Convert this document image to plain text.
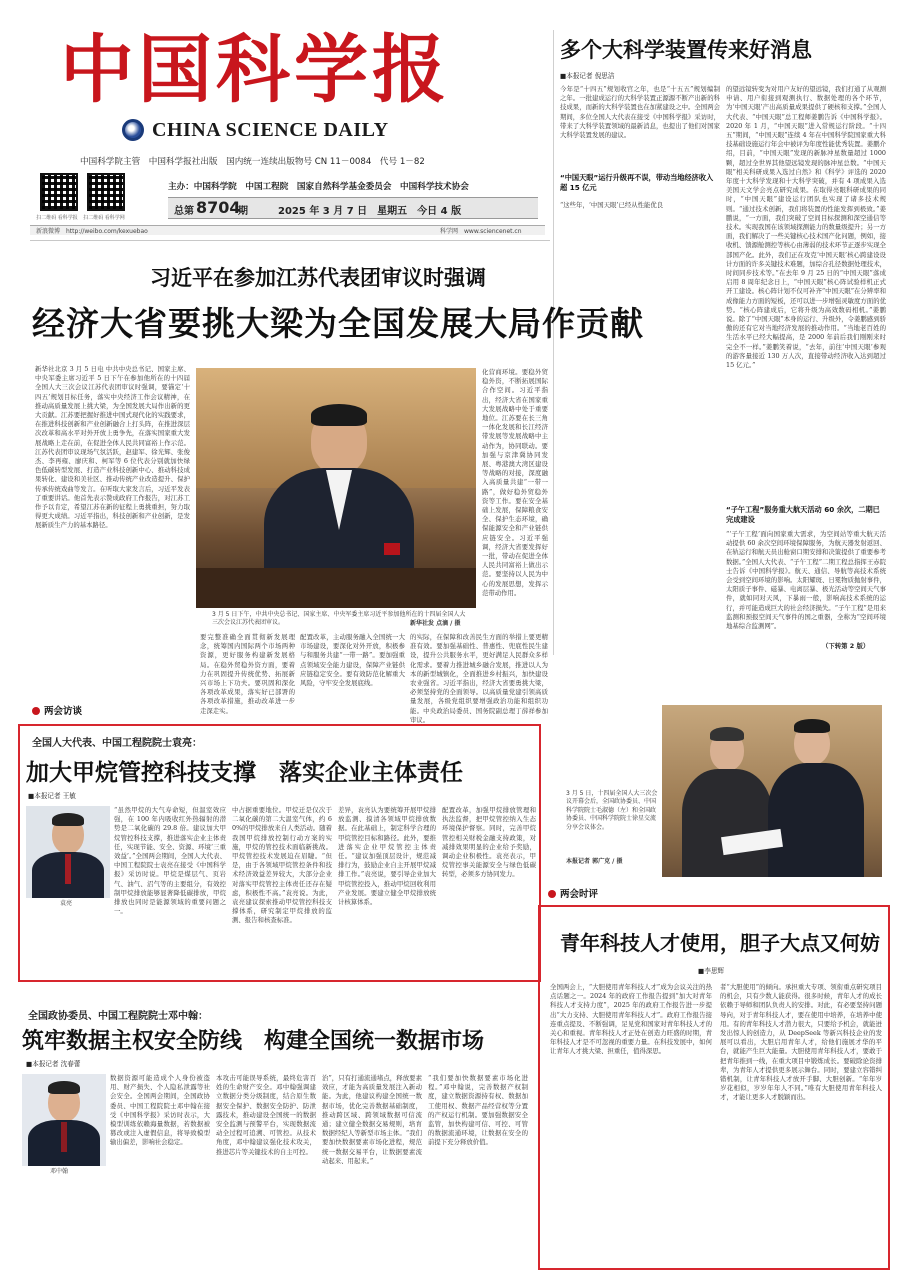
中国科学报
CHINA SCIENCE DAILY
中国科学院主管　中国科学报社出版　国内统一连续出版物号 CN 11－0084　代号 1－82
扫二维码 看科学报 扫二维码 看科学网
主办：中国科学院　中国工程院　国家自然科学基金委员会　中国科学技术协会
总第 8704
期	2025 年 3 月 7 日　星期五　今日 4 版
新浪微博　http://weibo.com/kexuebao	科学网　www.sciencenet.cn
多个大科学装置传来好消息
■本报记者 倪思洁
今年是“十四五”规划收官之年，也是“十五五”规划编制之年。一批建成运行的大科学装置正源源不断产出新的科技成果，而新的大科学装置也在加紧建设之中。全国两会期间，多位全国人大代表在接受《中国科学报》采访时，带来了大科学装置领域的最新消息，也提出了他们对国家大科学装置发展的建议。
“中国天眼”运行升级再不误，带动当地经济收入超 15 亿元
“这些年，‘中国天眼’已经从性能优良
的望远镜转变为对用户友好的望远镜，我们打通了从观测申请、用户衔接到观测执行、数据处理的各个环节，为‘中国天眼’产出高质量成果提供了硬核和支撑。”全国人大代表、“中国天眼”总工程师姜鹏告诉《中国科学报》。2020 年 1 月，“中国天眼”进入常规运行阶段。“十四五”期间，“中国天眼”连续 4 年在中国科学院国家重大科技基础设施运行年会中被评为年度性能优秀装置。姜鹏介绍，目前，“中国天眼”发现的新脉冲星数量超过 1000 颗，超过全世界其他望远镜发现的脉冲星总数。“中国天眼”相关科研成果入选过自然》和《科学》评选的 2020 年度十大科学发现和十大科学突破，并有 4 项成果入选美国天文学会亮点研究成果。在取得亮眼科研成果的同时，“中国天眼”建设运行团队也实现了诸多技术规则。“通过技术创新，我们将装置的性能发挥到极致。”姜鹏说，“一方面，我们突破了空间目标探测和深空通信等技术。实现我国在该领域探测能力的数量级提升；另一方面，我们解决了一些关键核心技术国产化问题，例如，接收机、馈源舱测控等核心由薄弱的技术环节正逐步实现全部国产化。此外，我们正在攻克‘中国天眼’核心跨建设设计方面的许多关键技术难题，加综合孔径数据处理技术，时间同步技术等。”在去年 9 月 25 日的“中国天眼”落成启用 8 周年纪念日上，“中国天眼”核心阵试验样机正式开工建设。核心阵计划不仅可补齐“中国天眼”在分辨率和成像能力方面的短板，还可以进一步增强灵敏度方面的优势。“核心阵建成后，它将升级为高效数码相机。”姜鹏说。除了“中国天眼”本身的运行、升级外，令姜鹏感到骄傲的还有它对当地经济发展的推动作用。“当地老百姓的生活水平已经大幅提高，是 2000 年前后我们刚刚来时完全不一样。”姜鹏笑着说，“去年，前往‘中国天眼’参观的游客量接近 130 万人次，直接带动经济收入达到超过 15 亿元。”
“子午工程”服务重大航天活动 60 余次，二期已完成建设
“‘子午工程’面向国家重大需求，为空间站等重大航天活动提供 60 余次空间环境保障服务，为航天器发射返回、在轨运行和航天员出舱窗口期安排和决策提供了重要参考数据。”全国人大代表、“子午工程”二期工程总指挥王赤院士告诉《中国科学报》。航天、通信、导航等高技术系统会受到空间环境的影响。太阳耀斑、日冕物质抛射事件，太阳质子事件、磁暴、电离层暴、极光活动等空间天气事件，就如同对天风，下暴雨一般，影响高技术系统的运行，并可能造成巨大的社会经济损失。“子午工程”是用来监测和预报空间天气事件的国之重器，全称为“空间环境地基综合监测网”。
（下转第 2 版）
习近平在参加江苏代表团审议时强调
经济大省要挑大梁为全国发展大局作贡献
新华社北京 3 月 5 日电 中共中央总书记、国家主席、中央军委主席习近平 5 日下午在参加他所在的十四届全国人大三次会议江苏代表团审议时强调，要锚定‘十四五’规划目标任务，落实中央经济工作会议精神，在推动高质量发展上挑大梁，为全国发展大局作出新的更大贡献。江苏要把握好推进中国式现代化的实践要求，在推进科技创新和产业创新融合上打头阵，在推进深层次改革和高水平对外开放上勇争先，在落实国家重大发展战略上走在前，在促进全体人民共同富裕上作示范。江苏代表团审议现场气氛活跃，赵建军、徐光辉、张俊杰、李再雍、廖庆和、柯军等 6 位代表分别就加快绿色低碳转型发展、打造产业科技创新中心、推动科技成果转化、建设和美社区、推动传统产业改造提升、保护传承传统戏曲等发言。在听取大家发言后，习近平发表了重要讲话。他首先表示赞成政府工作报告，对江苏工作予以肯定，希望江苏在新的征程上勇挑重担，努力取得更大成绩。习近平指出，科技创新和产业创新，是发展新质生产力的基本路径。
3 月 5 日下午，中共中央总书记、国家主席、中央军委主席习近平参加他所在的十四届全国人大三次会议江苏代表团审议。	新华社发 点滴 / 摄
化营商环境。要稳外贸稳外资，不断拓展国际合作空间。习近平指出，经济大省在国家重大发展战略中处于重要地位。江苏要在长三角一体化发展和长江经济带发展等发展战略中主动作为，协同联动。要加强与京津冀协同发展、粤港澳大湾区建设等战略的对接，深度融入高质量共建“一带一路”，做好稳外贸稳外资等工作。要在安全基础上发展，保障粮食安全、保护生态环境，确保能源安全和产业链供应链安全。习近平强调，经济大省要发挥好一批，带动在促进全体人民共同富裕上做出示范。要坚持以人民为中心的发展思想，发挥示范带动作用。
要完整准确全面贯彻新发展理念，统筹国内国际两个市场两种资源，更好服务构建新发展格局。在稳外贸稳外资方面，要着力在巩固提升传统优势、拓展新兴市场上下功夫。要巩固和深化各项改革成果，落实好已部署的各项改革措施，推动改革进一步走深走实。
配置改革，主动服务融入全国统一大市场建设，要深化对外开放，积极参与和服务共建“一带一路”。要加强重点领域安全能力建设，保障产业链供应链稳定安全。要有效防范化解重大风险，守牢安全发展底线。
的实际，在保障和改善民生方面的举措上要更精准有效。要加强基础性、普惠性、兜底性民生建设，提升公共服务水平，更好满足人民群众多样化需求。要着力推进城乡融合发展，推进以人为本的新型城镇化，全面推进乡村振兴，加快建设农业强省。习近平指出，经济大省要勇挑大梁，必须坚持党的全面领导。以高质量党建引领高质量发展，各级党组织要增强政治功能和组织功能。中央政治局委员、国务院副总理丁薛祥参加审议。
两会访谈
全国人大代表、中国工程院院士袁亮：
加大甲烷管控科技支撑　落实企业主体责任
■本报记者 王敏
袁亮
“虽然甲烷的大气寿命短，但温室效应强，在 100 年内吸收红外热辐射的潜势是二氧化碳的 29.8 倍。建议加大甲烷管控科技支撑，推进落实企业主体责任，实现节能、安全、资源、环境‘三重效益’。”全国两会期间，全国人大代表、中国工程院院士袁亮在接受《中国科学报》采访时说。甲烷是煤层气、页岩气、油气、沼气等的主要组分，有效控制甲烷排放能够显著降低碳排放，甲烷排放也同时是能源领域的重要问题之一。
中占据重要地位。甲烷迁是仅次于二氧化碳的第二大温室气体，约 60%的甲烷排放来自人类活动。随着我国甲烷排放控制行动方案的实施，甲烷的管控技术面临新挑战。甲烷管控技术发展迫在眉睫。“但是，由于各领域甲烷管控条件和技术经济效益差异较大，大部分企业对落实甲烷管控主体责任还存在疑虑，积极性不高。”袁亮说。为此，袁亮建议探索推动甲烷管控科技支撑体系，研究制定甲烷排放的监测、报告和核查标准。
差异，袁亮认为要统筹开展甲烷排放监测、摸清各领域甲烷排放数据。在此基础上，制定科学合理的甲烷管控目标和路径。此外，要推进落实企业甲烷管控主体责任。“建议加强顶层设计，规范减排行为，鼓励企业自主开展甲烷减排工作。”袁亮说，要引导企业加大甲烷管控投入，推动甲烷回收利用产业发展。要建立健全甲烷排放统计核算体系。
配置改革，加强甲烷排放管理和执法监督，把甲烷管控纳入生态环境保护督察。同时，完善甲烷管控相关财税金融支持政策，对减排效果明显的企业给予奖励，调动企业积极性。袁亮表示，甲烷管控事关能源安全与绿色低碳转型，必须多方协同发力。
全国政协委员、中国工程院院士邓中翰：
筑牢数据主权安全防线　构建全国统一数据市场
■本报记者 沈春蕾
邓中翰
数据资源可能造成个人身份被盗用、财产损失、个人隐私泄露等社会安全。全国两会期间，全国政协委员、中国工程院院士邓中翰在接受《中国科学报》采访时表示，大模型训练依赖海量数据，若数据被篡改或注入虚假信息，将导致模型输出偏差，影响社会稳定。
本攻击可能误导系统，最终危害百姓的生命财产安全。邓中翰强调建立数据分类分级制度，结合原生数据安全保护、数据安全防护、防泄露技术，推动建设全国统一的数据安全监测与预警平台，实现数据流动全过程可追溯、可管控。从技术角度，邓中翰建议强化技术攻关，推进芯片等关键技术的自主可控。
治”，只有打通流通堵点，释放要素效应，才能为高质量发展注入新动能。为此，他建议构建全国统一数据市场，优化完善数据基础制度，推动跨区域、跨领域数据可信流通；建立健全数据交易规则，培育数据经纪人等新型市场主体。“我们要加快数据要素市场化进程，规范统一数据交易平台，让数据要素流动起来、用起来。”
“我们要加快数据要素市场化进程。”邓中翰说，完善数据产权制度，建立数据资源持有权、数据加工使用权、数据产品经营权等分置的产权运行机制。要加强数据安全监管，加快构建可信、可控、可管的数据流通环境，让数据在安全的前提下充分释放价值。
3 月 5 日，十四届全国人大三次会议开幕会后，全国政协委员、中国科学院院士毛淑德（左）和全国政协委员、中国科学院院士徐星交流分享会议体会。
本报记者 郭广克 / 摄
两会时评
青年科技人才使用，胆子大点又何妨
■李思辉
全国两会上，“大胆使用青年科技人才”成为会议关注的热点话题之一。2024 年的政府工作报告提到“加大对青年科技人才支持力度”，2025 年的政府工作报告进一步提出“大力支持、大胆使用青年科技人才”。政府工作报告接连重点提及、不断强调，足见党和国家对青年科技人才的关心和重视。青年科技人才正处在创造力旺盛的时期，青年科技人才是不可忽视的重要力量。在科技发展中，如何让青年人才挑大梁、担重任，值得深思。
者“大胆使用”的倾向。承担重大专项、领衔重点研究项目的机会，只有少数人能获得。很多时候，青年人才的成长依赖于导师和团队负责人的安排。对此，有必要坚持问题导向，对于青年科技人才，要在使用中培养，在培养中使用。有的青年科技人才潜力很大，只要给予机会，就能迸发出惊人的创造力，从 DeepSeek 等新兴科技企业的发展可以看出，大胆启用青年人才，给他们施展才华的平台，就能产生巨大能量。大胆使用青年科技人才，要敢于把青年推到一线，在重大项目中锻炼成长。要破除论资排辈，为青年人才提供更多展示舞台。同时，要建立容错纠错机制，让青年科技人才放开手脚、大胆创新。“年年岁岁花相似，岁岁年年人不同。”唯有大胆使用青年科技人才，才能让更多人才脱颖而出。
